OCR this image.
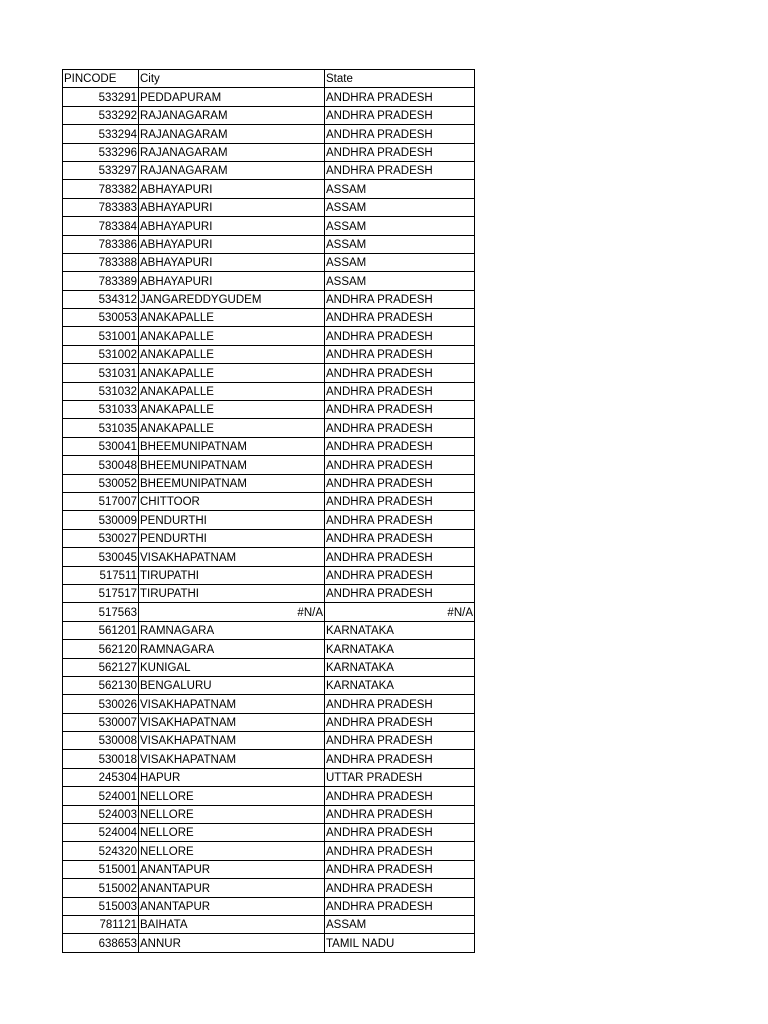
PINCODE	City	State
533291	PEDDAPURAM	ANDHRA PRADESH
533292	RAJANAGARAM	ANDHRA PRADESH
533294	RAJANAGARAM	ANDHRA PRADESH
533296	RAJANAGARAM	ANDHRA PRADESH
533297	RAJANAGARAM	ANDHRA PRADESH
783382	ABHAYAPURI	ASSAM
783383	ABHAYAPURI	ASSAM
783384	ABHAYAPURI	ASSAM
783386	ABHAYAPURI	ASSAM
783388	ABHAYAPURI	ASSAM
783389	ABHAYAPURI	ASSAM
534312	JANGAREDDYGUDEM	ANDHRA PRADESH
530053	ANAKAPALLE	ANDHRA PRADESH
531001	ANAKAPALLE	ANDHRA PRADESH
531002	ANAKAPALLE	ANDHRA PRADESH
531031	ANAKAPALLE	ANDHRA PRADESH
531032	ANAKAPALLE	ANDHRA PRADESH
531033	ANAKAPALLE	ANDHRA PRADESH
531035	ANAKAPALLE	ANDHRA PRADESH
530041	BHEEMUNIPATNAM	ANDHRA PRADESH
530048	BHEEMUNIPATNAM	ANDHRA PRADESH
530052	BHEEMUNIPATNAM	ANDHRA PRADESH
517007	CHITTOOR	ANDHRA PRADESH
530009	PENDURTHI	ANDHRA PRADESH
530027	PENDURTHI	ANDHRA PRADESH
530045	VISAKHAPATNAM	ANDHRA PRADESH
517511	TIRUPATHI	ANDHRA PRADESH
517517	TIRUPATHI	ANDHRA PRADESH
517563	#N/A	#N/A
561201	RAMNAGARA	KARNATAKA
562120	RAMNAGARA	KARNATAKA
562127	KUNIGAL	KARNATAKA
562130	BENGALURU	KARNATAKA
530026	VISAKHAPATNAM	ANDHRA PRADESH
530007	VISAKHAPATNAM	ANDHRA PRADESH
530008	VISAKHAPATNAM	ANDHRA PRADESH
530018	VISAKHAPATNAM	ANDHRA PRADESH
245304	HAPUR	UTTAR PRADESH
524001	NELLORE	ANDHRA PRADESH
524003	NELLORE	ANDHRA PRADESH
524004	NELLORE	ANDHRA PRADESH
524320	NELLORE	ANDHRA PRADESH
515001	ANANTAPUR	ANDHRA PRADESH
515002	ANANTAPUR	ANDHRA PRADESH
515003	ANANTAPUR	ANDHRA PRADESH
781121	BAIHATA	ASSAM
638653	ANNUR	TAMIL NADU
